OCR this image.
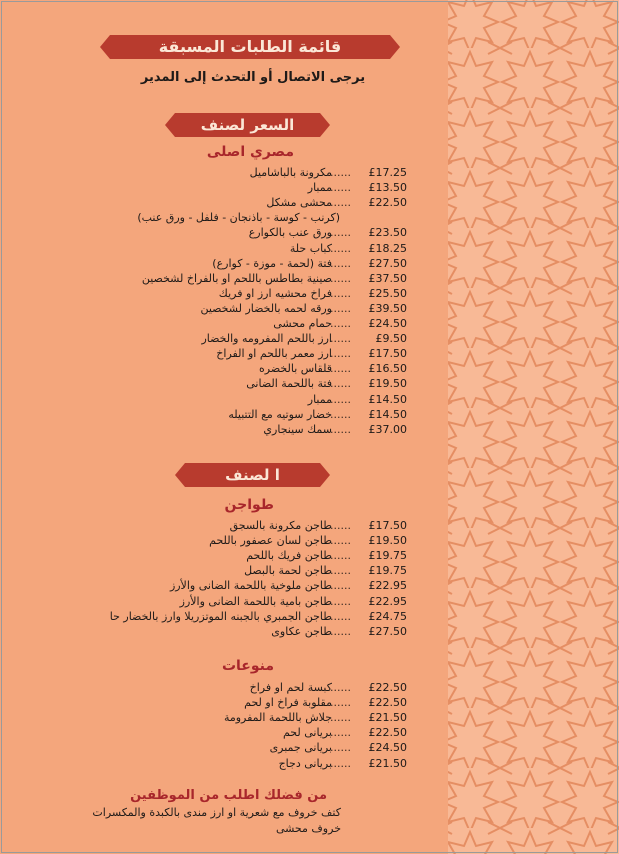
قائمة الطلبات المسبقة
يرجى الاتصال أو التحدث إلى المدير
السعر لصنف
مصري اصلى
£17.25
......
مكرونة بالباشاميل
£13.50
......
ممبار
£22.50
......
محشى مشكل
(كرنب - كوسة - باذنجان - فلفل - ورق عنب)
£23.50
......
ورق عنب بالكوارع
£18.25
......
كباب حلة
£27.50
......
فتة (لحمة - موزة - كوارع)
£37.50
......
صينية بطاطس باللحم او بالفراخ لشخصين
£25.50
......
فراخ محشيه ارز او فريك
£39.50
......
ورقه لحمه بالخضار لشخصين
£24.50
......
حمام محشى
£9.50
......
ارز باللحم المفرومه والخضار
£17.50
......
ارز معمر باللحم او الفراخ
£16.50
......
قلقاس بالخضره
£19.50
......
فتة باللحمة الضانى
£14.50
......
ممبار
£14.50
......
خضار سوتيه مع التتبيله
£37.00
......
سمك سينجاري
ا لصنف
طواجن
£17.50
......
طاجن مكرونة بالسجق
£19.50
......
طاجن لسان عصفور باللحم
£19.75
......
طاجن فريك باللحم
£19.75
......
طاجن لحمة بالبصل
£22.95
......
طاجن ملوخية باللحمة الضانى والأرز
£22.95
......
طاجن بامية باللحمة الضانى والأرز
£24.75
......
طاجن الجمبري بالجبنه الموتزريلا وارز بالخضار حا
£27.50
......
طاجن عكاوى
منوعات
£22.50
......
كبسة لحم او فراخ
£22.50
......
مقلوبة فراخ او لحم
£21.50
......
جلاش باللحمة المفرومة
£22.50
......
بريانى لحم
£24.50
......
بريانى جمبرى
£21.50
......
بريانى دجاج
من فضلك اطلب من الموظفين
كتف خروف مع شعرية او ارز مندى بالكبدة والمكسرات
خروف محشى
